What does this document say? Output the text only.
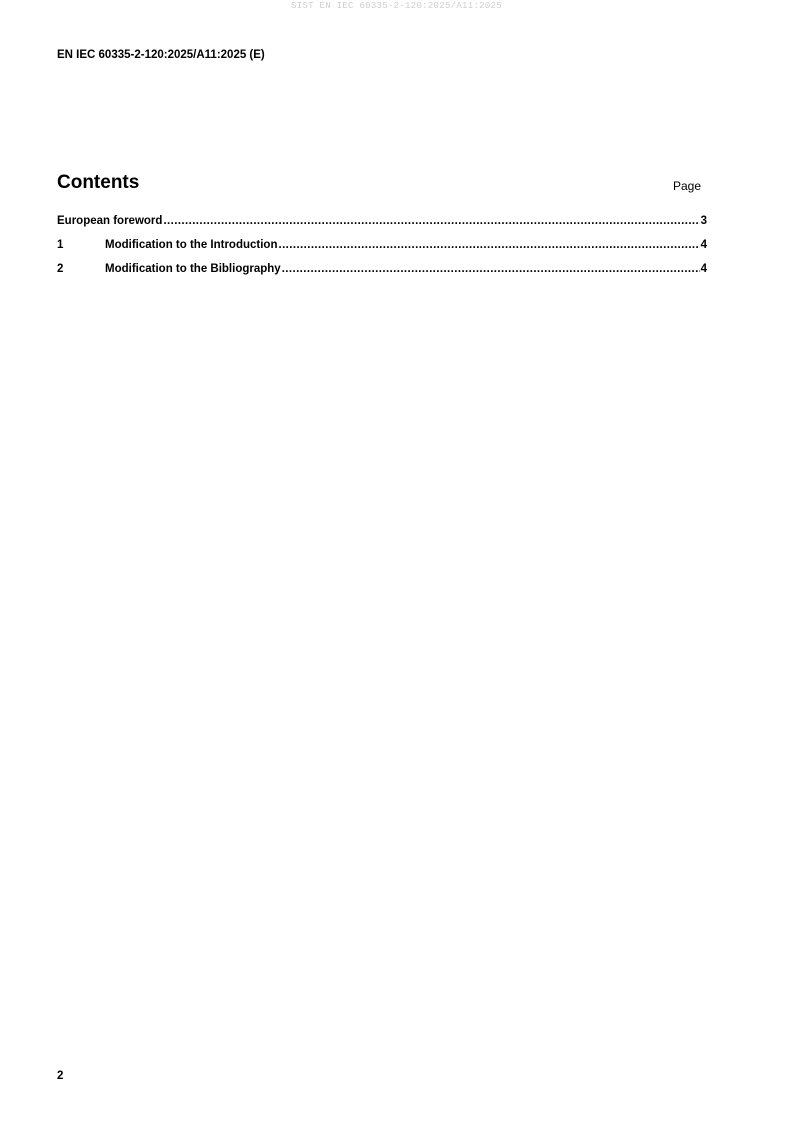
SIST EN IEC 60335-2-120:2025/A11:2025
EN IEC 60335-2-120:2025/A11:2025 (E)
Contents	Page
European foreword .....	3
1	Modification to the Introduction .....	4
2	Modification to the Bibliography .....	4
2
